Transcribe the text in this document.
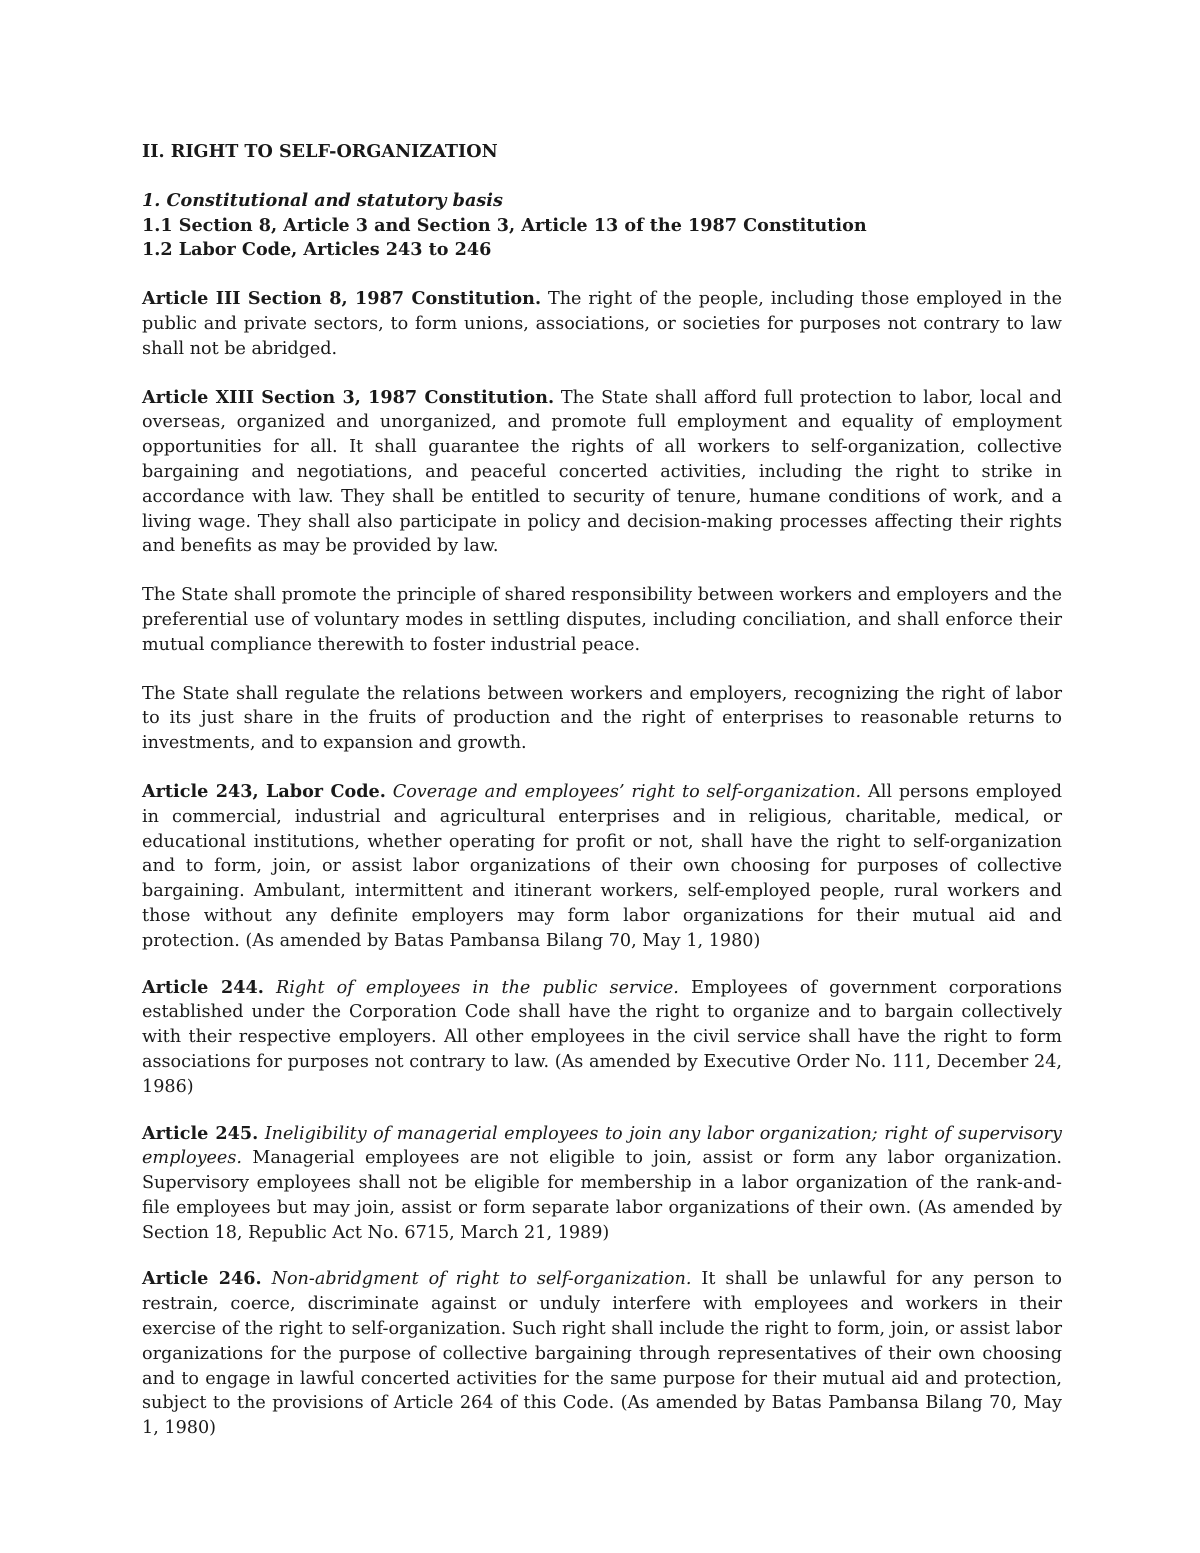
II. RIGHT TO SELF-ORGANIZATION
1. Constitutional and statutory basis
1.1 Section 8, Article 3 and Section 3, Article 13 of the 1987 Constitution
1.2 Labor Code, Articles 243 to 246

Article III Section 8, 1987 Constitution. The right of the people, including those employed in the public and private sectors, to form unions, associations, or societies for purposes not contrary to law shall not be abridged.

Article XIII Section 3, 1987 Constitution. The State shall afford full protection to labor, local and overseas, organized and unorganized, and promote full employment and equality of employment opportunities for all. It shall guarantee the rights of all workers to self-organization, collective bargaining and negotiations, and peaceful concerted activities, including the right to strike in accordance with law. They shall be entitled to security of tenure, humane conditions of work, and a living wage. They shall also participate in policy and decision-making processes affecting their rights and benefits as may be provided by law.

The State shall promote the principle of shared responsibility between workers and employers and the preferential use of voluntary modes in settling disputes, including conciliation, and shall enforce their mutual compliance therewith to foster industrial peace.

The State shall regulate the relations between workers and employers, recognizing the right of labor to its just share in the fruits of production and the right of enterprises to reasonable returns to investments, and to expansion and growth.

Article 243, Labor Code. Coverage and employees’ right to self-organization. All persons employed in commercial, industrial and agricultural enterprises and in religious, charitable, medical, or educational institutions, whether operating for profit or not, shall have the right to self-organization and to form, join, or assist labor organizations of their own choosing for purposes of collective bargaining. Ambulant, intermittent and itinerant workers, self-employed people, rural workers and those without any definite employers may form labor organizations for their mutual aid and protection. (As amended by Batas Pambansa Bilang 70, May 1, 1980)

Article 244. Right of employees in the public service. Employees of government corporations established under the Corporation Code shall have the right to organize and to bargain collectively with their respective employers. All other employees in the civil service shall have the right to form associations for purposes not contrary to law. (As amended by Executive Order No. 111, December 24, 1986)

Article 245. Ineligibility of managerial employees to join any labor organization; right of supervisory employees. Managerial employees are not eligible to join, assist or form any labor organization. Supervisory employees shall not be eligible for membership in a labor organization of the rank-and-file employees but may join, assist or form separate labor organizations of their own. (As amended by Section 18, Republic Act No. 6715, March 21, 1989)

Article 246. Non-abridgment of right to self-organization. It shall be unlawful for any person to restrain, coerce, discriminate against or unduly interfere with employees and workers in their exercise of the right to self-organization. Such right shall include the right to form, join, or assist labor organizations for the purpose of collective bargaining through representatives of their own choosing and to engage in lawful concerted activities for the same purpose for their mutual aid and protection, subject to the provisions of Article 264 of this Code. (As amended by Batas Pambansa Bilang 70, May 1, 1980)
